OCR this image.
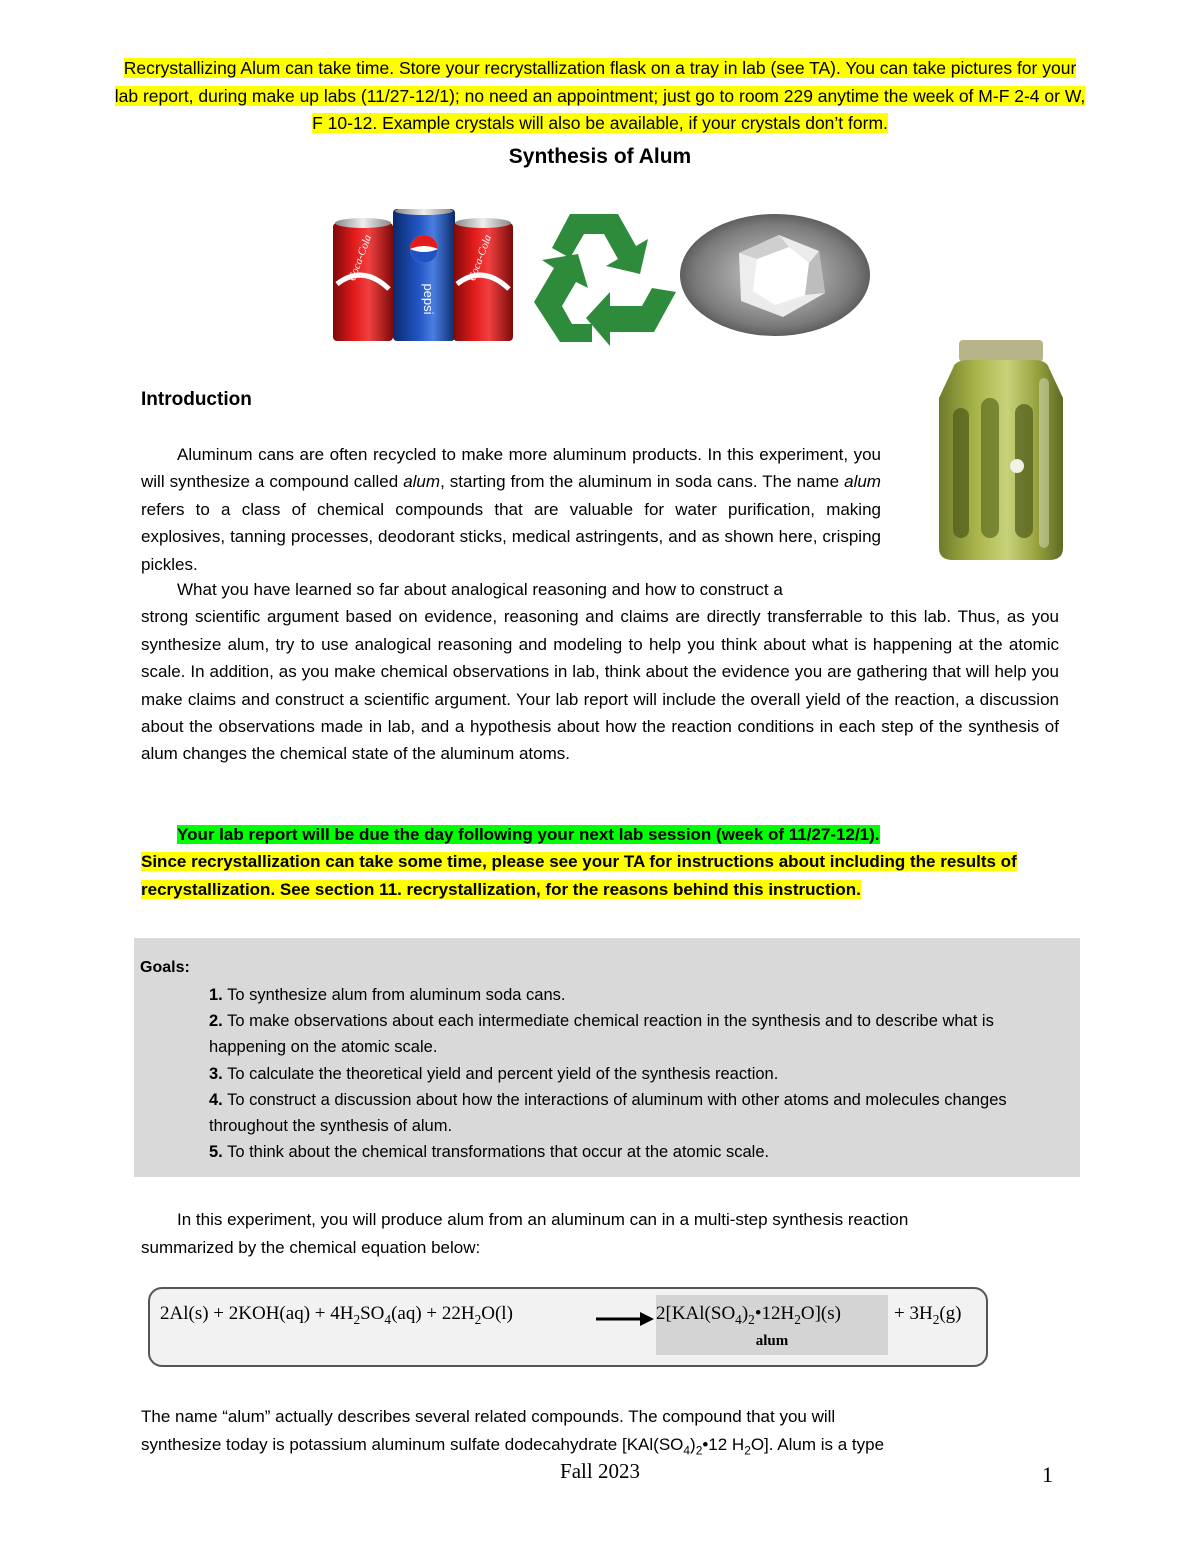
Recrystallizing Alum can take time. Store your recrystallization flask on a tray in lab (see TA). You can take pictures for your lab report, during make up labs (11/27-12/1); no need an appointment; just go to room 229 anytime the week of M-F 2-4 or W, F 10-12. Example crystals will also be available, if your crystals don’t form.
Synthesis of Alum
Coca-Cola
pepsi
Coca-Cola
Introduction

Aluminum cans are often recycled to make more aluminum products. In this experiment, you will synthesize a compound called alum, starting from the aluminum in soda cans. The name alum refers to a class of chemical compounds that are valuable for water purification, making explosives, tanning processes, deodorant sticks, medical astringents, and as shown here, crisping pickles.

What you have learned so far about analogical reasoning and how to construct a

strong scientific argument based on evidence, reasoning and claims are directly transferrable to this lab. Thus, as you synthesize alum, try to use analogical reasoning and modeling to help you think about what is happening at the atomic scale. In addition, as you make chemical observations in lab, think about the evidence you are gathering that will help you make claims and construct a scientific argument. Your lab report will include the overall yield of the reaction, a discussion about the observations made in lab, and a hypothesis about how the reaction conditions in each step of the synthesis of alum changes the chemical state of the aluminum atoms.

Your lab report will be due the day following your next lab session (week of 11/27-12/1).
Since recrystallization can take some time, please see your TA for instructions about including the results of recrystallization. See section 11. recrystallization, for the reasons behind this instruction.
Goals:
1. To synthesize alum from aluminum soda cans.
2. To make observations about each intermediate chemical reaction in the synthesis and to describe what is happening on the atomic scale.
3. To calculate the theoretical yield and percent yield of the synthesis reaction.
4. To construct a discussion about how the interactions of aluminum with other atoms and molecules changes throughout the synthesis of alum.
5. To think about the chemical transformations that occur at the atomic scale.
In this experiment, you will produce alum from an aluminum can in a multi-step synthesis reaction
summarized by the chemical equation below:
$2Al(s) + 2KOH(aq) + 4H_2SO_4(aq) + 22H_2O(l)$	→ $2[KAl(SO_4)_2•12H_2O](s)$
alum
+ $3H_2(g)$
The name “alum” actually describes several related compounds. The compound that you will
synthesize today is potassium aluminum sulfate dodecahydrate [$KAl(SO_4)_2•12$ $H_2O$]. Alum is a type
Fall 2023	1
